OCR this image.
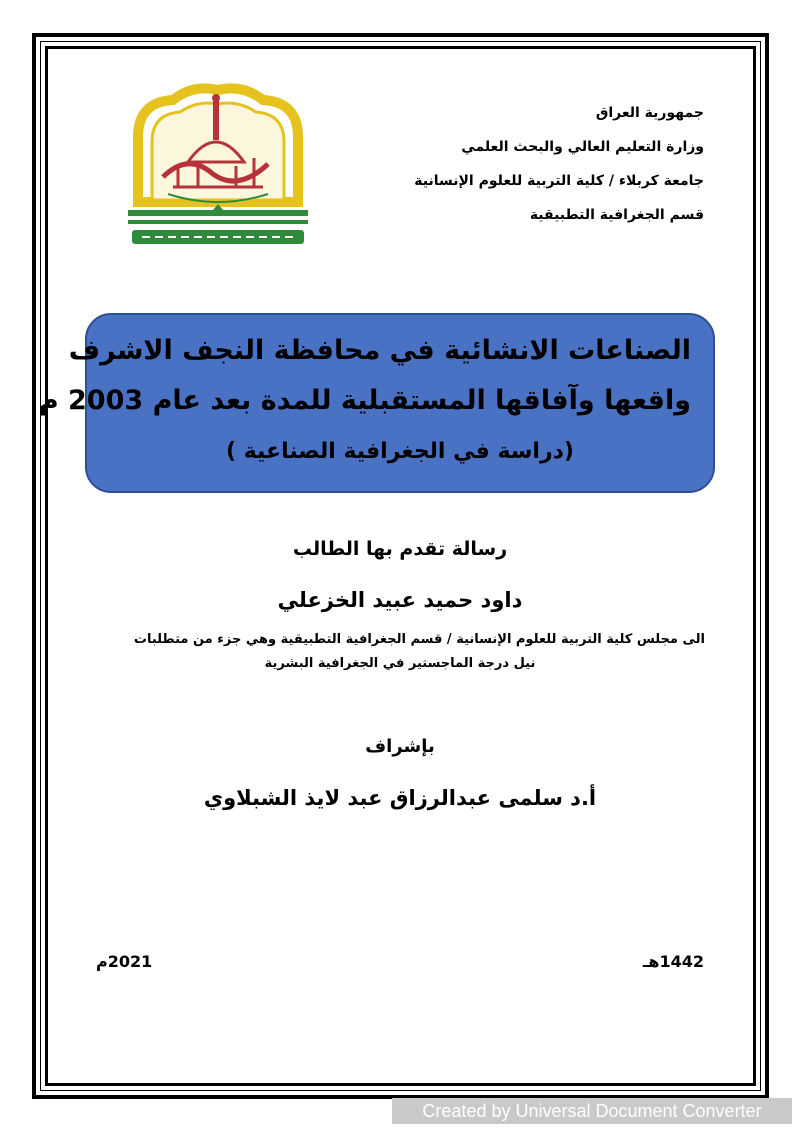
جمهورية العراق
وزارة التعليم العالي والبحث العلمي
جامعة كربلاء / كلية التربية للعلوم الإنسانية
قسم الجغرافية التطبيقية
الصناعات الانشائية في محافظة النجف الاشرف
واقعها وآفاقها المستقبلية للمدة بعد عام 2003 م
(دراسة في الجغرافية الصناعية )
رسالة تقدم بها الطالب
داود حميد عبيد الخزعلي
الى مجلس كلية التربية للعلوم الإنسانية / قسم الجغرافية التطبيقية وهي جزء من متطلبات
نيل درجة الماجستير في الجغرافية البشرية
بإشراف
أ.د سلمى عبدالرزاق عبد لايذ الشبلاوي
1442هـ
2021م
Created by Universal Document Converter
